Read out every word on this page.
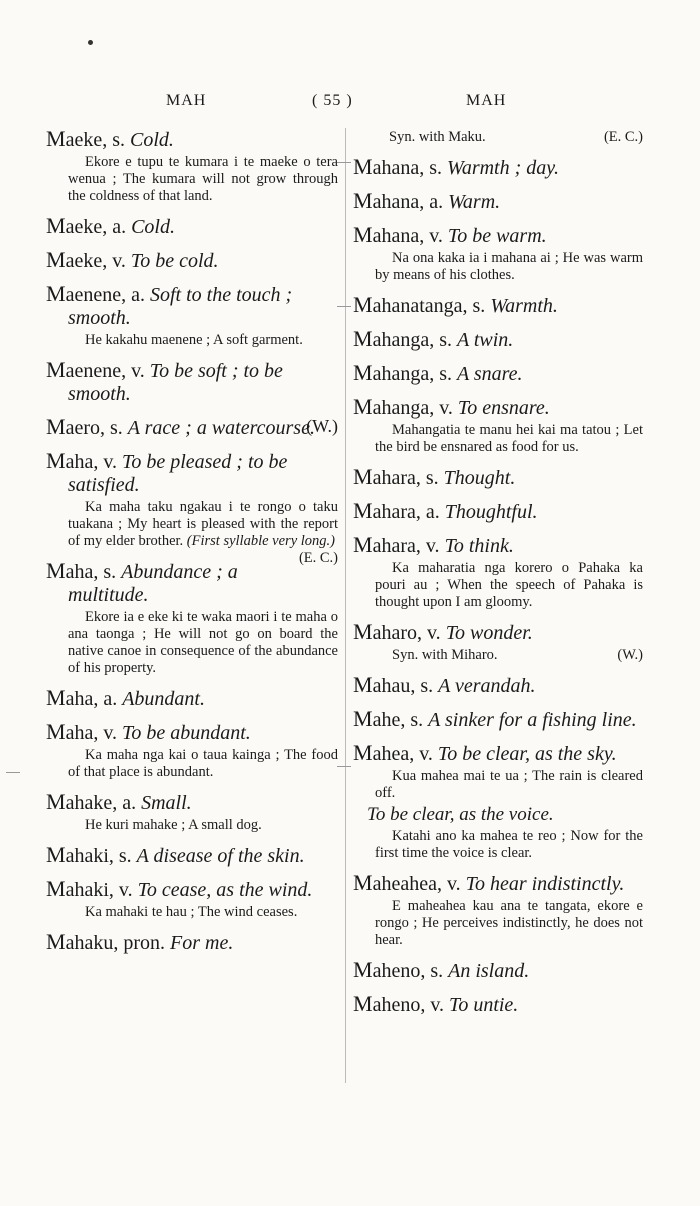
MAH	( 55 )	MAH
Maeke, s. Cold.
Ekore e tupu te kumara i te maeke o tera wenua ; The kumara will not grow through the coldness of that land.
Maeke, a. Cold.
Maeke, v. To be cold.
Maenene, a. Soft to the touch ; smooth.
He kakahu maenene ; A soft garment.
Maenene, v. To be soft ; to be smooth.
Maero, s. A race ; a watercourse.
(W.)
Maha, v. To be pleased ; to be satisfied.
Ka maha taku ngakau i te rongo o taku tuakana ; My heart is pleased with the report of my elder brother. (First syllable very long.)
(E. C.)
Maha, s. Abundance ; a multitude.
Ekore ia e eke ki te waka maori i te maha o ana taonga ; He will not go on board the native canoe in consequence of the abundance of his property.
Maha, a. Abundant.
Maha, v. To be abundant.
Ka maha nga kai o taua kainga ; The food of that place is abundant.
Mahake, a. Small.
He kuri mahake ; A small dog.
Mahaki, s. A disease of the skin.
Mahaki, v. To cease, as the wind.
Ka mahaki te hau ; The wind ceases.
Mahaku, pron. For me.
Syn. with Maku.	(E. C.)
Mahana, s. Warmth ; day.
Mahana, a. Warm.
Mahana, v. To be warm.
Na ona kaka ia i mahana ai ; He was warm by means of his clothes.
Mahanatanga, s. Warmth.
Mahanga, s. A twin.
Mahanga, s. A snare.
Mahanga, v. To ensnare.
Mahangatia te manu hei kai ma tatou ; Let the bird be ensnared as food for us.
Mahara, s. Thought.
Mahara, a. Thoughtful.
Mahara, v. To think.
Ka maharatia nga korero o Pahaka ka pouri au ; When the speech of Pahaka is thought upon I am gloomy.
Maharo, v. To wonder.
Syn. with Miharo.	(W.)
Mahau, s. A verandah.
Mahe, s. A sinker for a fishing line.
Mahea, v. To be clear, as the sky.
Kua mahea mai te ua ; The rain is cleared off.
To be clear, as the voice.
Katahi ano ka mahea te reo ; Now for the first time the voice is clear.
Maheahea, v. To hear indistinctly.
E maheahea kau ana te tangata, ekore e rongo ; He perceives indistinctly, he does not hear.
Maheno, s. An island.
Maheno, v. To untie.
